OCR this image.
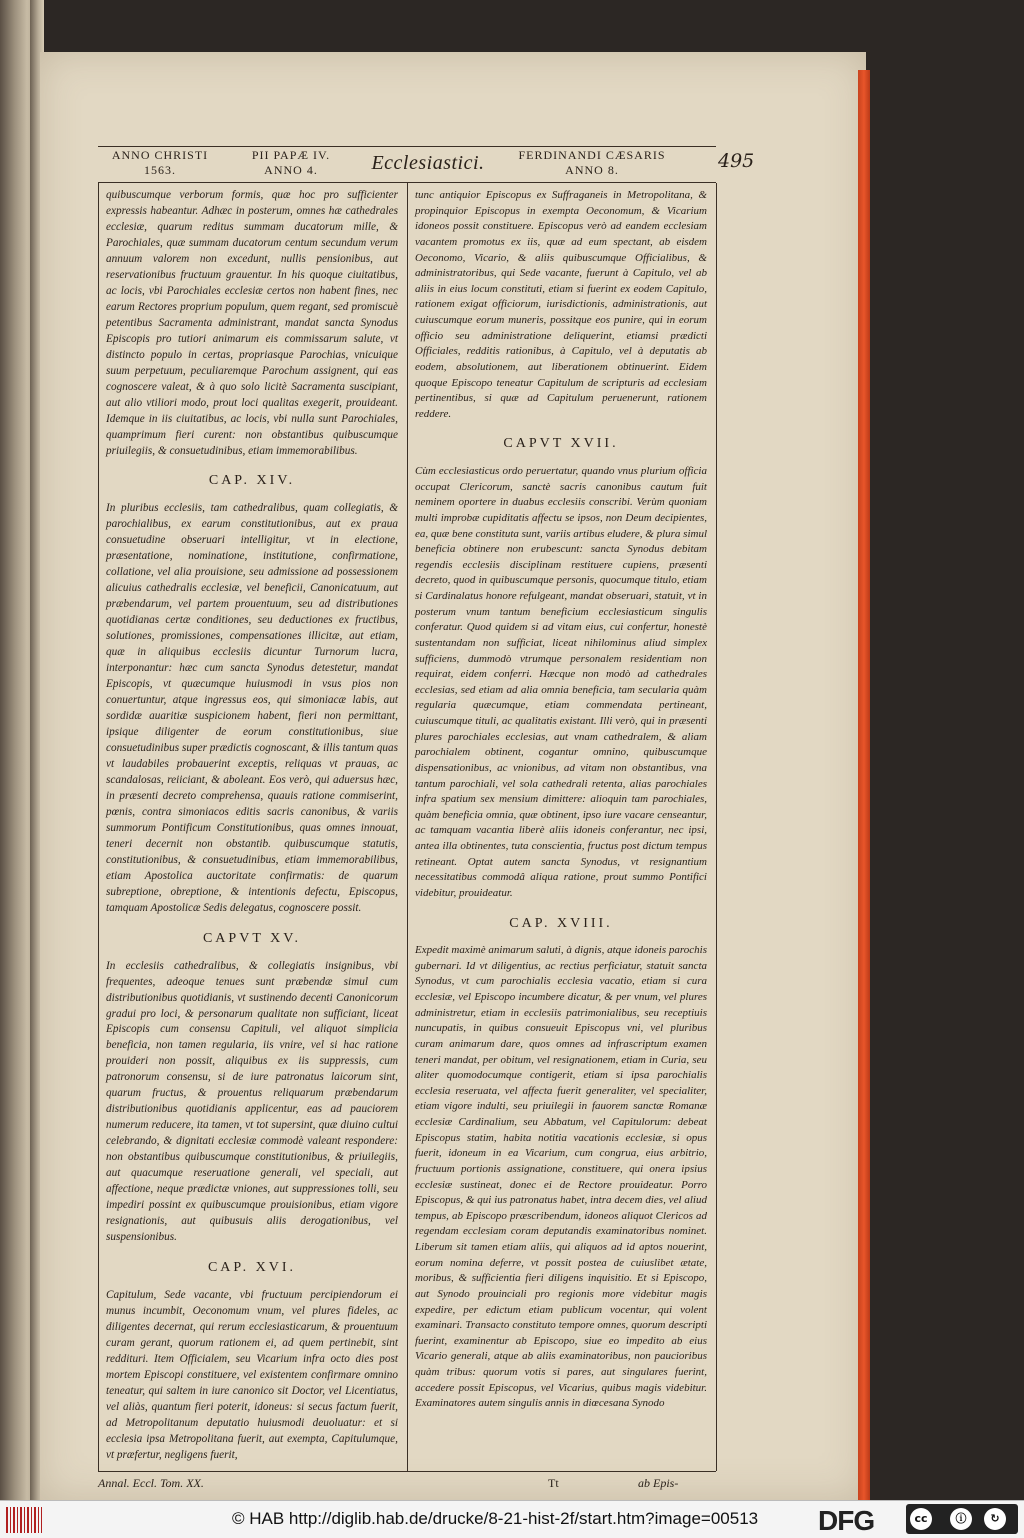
ANNO CHRISTI
1563.
PII PAPÆ IV.
ANNO 4.	Ecclesiastici.	FERDINANDI CÆSARIS
ANNO 8.	495

quibuscumque verborum formis, quæ hoc pro sufficienter expressis habeantur. Adhæc in posterum, omnes hæ cathedrales ecclesiæ, quarum reditus summam ducatorum mille, & Parochiales, quæ summam ducatorum centum secundum verum annuum valorem non excedunt, nullis pensionibus, aut reservationibus fructuum grauentur. In his quoque ciuitatibus, ac locis, vbi Parochiales ecclesiæ certos non habent fines, nec earum Rectores proprium populum, quem regant, sed promiscuè petentibus Sacramenta administrant, mandat sancta Synodus Episcopis pro tutiori animarum eis commissarum salute, vt distincto populo in certas, propriasque Parochias, vnicuique suum perpetuum, peculiaremque Parochum assignent, qui eas cognoscere valeat, & à quo solo licitè Sacramenta suscipiant, aut alio vtiliori modo, prout loci qualitas exegerit, prouideant. Idemque in iis ciuitatibus, ac locis, vbi nulla sunt Parochiales, quamprimum fieri curent: non obstantibus quibuscumque priuilegiis, & consuetudinibus, etiam immemorabilibus.

CAP. XIV.

In pluribus ecclesiis, tam cathedralibus, quam collegiatis, & parochialibus, ex earum constitutionibus, aut ex praua consuetudine obseruari intelligitur, vt in electione, præsentatione, nominatione, institutione, confirmatione, collatione, vel alia prouisione, seu admissione ad possessionem alicuius cathedralis ecclesiæ, vel beneficii, Canonicatuum, aut præbendarum, vel partem prouentuum, seu ad distributiones quotidianas certæ conditiones, seu deductiones ex fructibus, solutiones, promissiones, compensationes illicitæ, aut etiam, quæ in aliquibus ecclesiis dicuntur Turnorum lucra, interponantur: hæc cum sancta Synodus detestetur, mandat Episcopis, vt quæcumque huiusmodi in vsus pios non conuertuntur, atque ingressus eos, qui simoniacæ labis, aut sordidæ auaritiæ suspicionem habent, fieri non permittant, ipsique diligenter de eorum constitutionibus, siue consuetudinibus super prædictis cognoscant, & illis tantum quas vt laudabiles probauerint exceptis, reliquas vt prauas, ac scandalosas, reiiciant, & aboleant. Eos verò, qui aduersus hæc, in præsenti decreto comprehensa, quauis ratione commiserint, pœnis, contra simoniacos editis sacris canonibus, & variis summorum Pontificum Constitutionibus, quas omnes innouat, teneri decernit non obstantib. quibuscumque statutis, constitutionibus, & consuetudinibus, etiam immemorabilibus, etiam Apostolica auctoritate confirmatis: de quarum subreptione, obreptione, & intentionis defectu, Episcopus, tamquam Apostolicæ Sedis delegatus, cognoscere possit.

CAPVT XV.

In ecclesiis cathedralibus, & collegiatis insignibus, vbi frequentes, adeoque tenues sunt præbendæ simul cum distributionibus quotidianis, vt sustinendo decenti Canonicorum gradui pro loci, & personarum qualitate non sufficiant, liceat Episcopis cum consensu Capituli, vel aliquot simplicia beneficia, non tamen regularia, iis vnire, vel si hac ratione prouideri non possit, aliquibus ex iis suppressis, cum patronorum consensu, si de iure patronatus laicorum sint, quarum fructus, & prouentus reliquarum præbendarum distributionibus quotidianis applicentur, eas ad pauciorem numerum reducere, ita tamen, vt tot supersint, quæ diuino cultui celebrando, & dignitati ecclesiæ commodè valeant respondere: non obstantibus quibuscumque constitutionibus, & priuilegiis, aut quacumque reseruatione generali, vel speciali, aut affectione, neque prædictæ vniones, aut suppressiones tolli, seu impediri possint ex quibuscumque prouisionibus, etiam vigore resignationis, aut quibusuis aliis derogationibus, vel suspensionibus.

CAP. XVI.

Capitulum, Sede vacante, vbi fructuum percipiendorum ei munus incumbit, Oeconomum vnum, vel plures fideles, ac diligentes decernat, qui rerum ecclesiasticarum, & prouentuum curam gerant, quorum rationem ei, ad quem pertinebit, sint reddituri. Item Officialem, seu Vicarium infra octo dies post mortem Episcopi constituere, vel existentem confirmare omnino teneatur, qui saltem in iure canonico sit Doctor, vel Licentiatus, vel aliàs, quantum fieri poterit, idoneus: si secus factum fuerit, ad Metropolitanum deputatio huiusmodi deuoluatur: et si ecclesia ipsa Metropolitana fuerit, aut exempta, Capitulumque, vt præfertur, negligens fuerit,

tunc antiquior Episcopus ex Suffraganeis in Metropolitana, & propinquior Episcopus in exempta Oeconomum, & Vicarium idoneos possit constituere. Episcopus verò ad eandem ecclesiam vacantem promotus ex iis, quæ ad eum spectant, ab eisdem Oeconomo, Vicario, & aliis quibuscumque Officialibus, & administratoribus, qui Sede vacante, fuerunt à Capitulo, vel ab aliis in eius locum constituti, etiam si fuerint ex eodem Capitulo, rationem exigat officiorum, iurisdictionis, administrationis, aut cuiuscumque eorum muneris, possitque eos punire, qui in eorum officio seu administratione deliquerint, etiamsi prædicti Officiales, redditis rationibus, à Capitulo, vel à deputatis ab eodem, absolutionem, aut liberationem obtinuerint. Eidem quoque Episcopo teneatur Capitulum de scripturis ad ecclesiam pertinentibus, si quæ ad Capitulum peruenerunt, rationem reddere.

CAPVT XVII.

Cùm ecclesiasticus ordo peruertatur, quando vnus plurium officia occupat Clericorum, sanctè sacris canonibus cautum fuit neminem oportere in duabus ecclesiis conscribi. Verùm quoniam multi improbæ cupiditatis affectu se ipsos, non Deum decipientes, ea, quæ bene constituta sunt, variis artibus eludere, & plura simul beneficia obtinere non erubescunt: sancta Synodus debitam regendis ecclesiis disciplinam restituere cupiens, præsenti decreto, quod in quibuscumque personis, quocumque titulo, etiam si Cardinalatus honore refulgeant, mandat obseruari, statuit, vt in posterum vnum tantum beneficium ecclesiasticum singulis conferatur. Quod quidem si ad vitam eius, cui confertur, honestè sustentandam non sufficiat, liceat nihilominus aliud simplex sufficiens, dummodò vtrumque personalem residentiam non requirat, eidem conferri. Hæcque non modò ad cathedrales ecclesias, sed etiam ad alia omnia beneficia, tam secularia quàm regularia quæcumque, etiam commendata pertineant, cuiuscumque tituli, ac qualitatis existant. Illi verò, qui in præsenti plures parochiales ecclesias, aut vnam cathedralem, & aliam parochialem obtinent, cogantur omnino, quibuscumque dispensationibus, ac vnionibus, ad vitam non obstantibus, vna tantum parochiali, vel sola cathedrali retenta, alias parochiales infra spatium sex mensium dimittere: alioquin tam parochiales, quàm beneficia omnia, quæ obtinent, ipso iure vacare censeantur, ac tamquam vacantia liberè aliis idoneis conferantur, nec ipsi, antea illa obtinentes, tuta conscientia, fructus post dictum tempus retineant. Optat autem sancta Synodus, vt resignantium necessitatibus commodâ aliqua ratione, prout summo Pontifici videbitur, prouideatur.

CAP. XVIII.

Expedit maximè animarum saluti, à dignis, atque idoneis parochis gubernari. Id vt diligentius, ac rectius perficiatur, statuit sancta Synodus, vt cum parochialis ecclesia vacatio, etiam si cura ecclesiæ, vel Episcopo incumbere dicatur, & per vnum, vel plures administretur, etiam in ecclesiis patrimonialibus, seu receptiuis nuncupatis, in quibus consueuit Episcopus vni, vel pluribus curam animarum dare, quos omnes ad infrascriptum examen teneri mandat, per obitum, vel resignationem, etiam in Curia, seu aliter quomodocumque contigerit, etiam si ipsa parochialis ecclesia reseruata, vel affecta fuerit generaliter, vel specialiter, etiam vigore indulti, seu priuilegii in fauorem sanctæ Romanæ ecclesiæ Cardinalium, seu Abbatum, vel Capitulorum: debeat Episcopus statim, habita notitia vacationis ecclesiæ, si opus fuerit, idoneum in ea Vicarium, cum congrua, eius arbitrio, fructuum portionis assignatione, constituere, qui onera ipsius ecclesiæ sustineat, donec ei de Rectore prouideatur. Porro Episcopus, & qui ius patronatus habet, intra decem dies, vel aliud tempus, ab Episcopo præscribendum, idoneos aliquot Clericos ad regendam ecclesiam coram deputandis examinatoribus nominet. Liberum sit tamen etiam aliis, qui aliquos ad id aptos nouerint, eorum nomina deferre, vt possit postea de cuiuslibet ætate, moribus, & sufficientia fieri diligens inquisitio. Et si Episcopo, aut Synodo prouinciali pro regionis more videbitur magis expedire, per edictum etiam publicum vocentur, qui volent examinari. Transacto constituto tempore omnes, quorum descripti fuerint, examinentur ab Episcopo, siue eo impedito ab eius Vicario generali, atque ab aliis examinatoribus, non paucioribus quàm tribus: quorum votis si pares, aut singulares fuerint, accedere possit Episcopus, vel Vicarius, quibus magis videbitur. Examinatores autem singulis annis in diœcesana Synodo

Annal. Eccl. Tom. XX.	Tt	ab Epis-
© HAB http://diglib.hab.de/drucke/8-21-hist-2f/start.htm?image=00513 DFG	cc	ⓘ	↻
